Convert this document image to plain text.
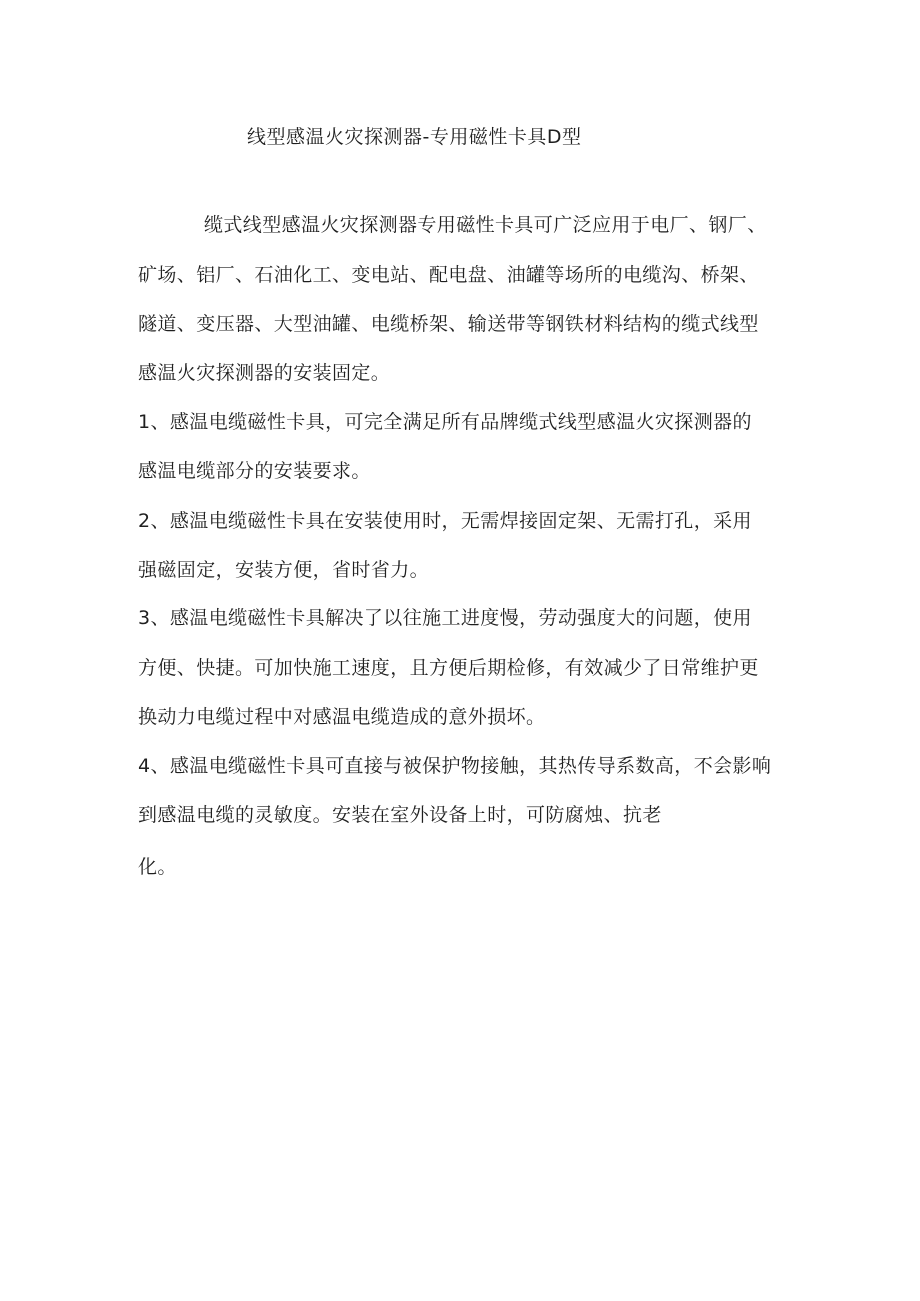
线型感温火灾探测器-专用磁性卡具D型
缆式线型感温火灾探测器专用磁性卡具可广泛应用于电厂、钢厂、
矿场、铝厂、石油化工、变电站、配电盘、油罐等场所的电缆沟、桥架、
隧道、变压器、大型油罐、电缆桥架、输送带等钢铁材料结构的缆式线型
感温火灾探测器的安装固定。
1、感温电缆磁性卡具，可完全满足所有品牌缆式线型感温火灾探测器的
感温电缆部分的安装要求。
2、感温电缆磁性卡具在安装使用时，无需焊接固定架、无需打孔，采用
强磁固定，安装方便，省时省力。
3、感温电缆磁性卡具解决了以往施工进度慢，劳动强度大的问题，使用
方便、快捷。可加快施工速度，且方便后期检修，有效减少了日常维护更
换动力电缆过程中对感温电缆造成的意外损坏。
4、感温电缆磁性卡具可直接与被保护物接触，其热传导系数高，不会影响
到感温电缆的灵敏度。安装在室外设备上时，可防腐烛、抗老
化。
